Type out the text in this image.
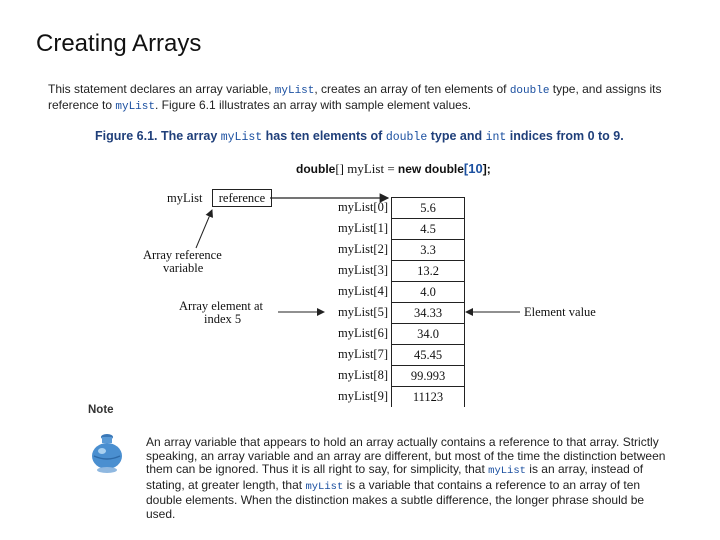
Creating Arrays
This statement declares an array variable, myList, creates an array of ten elements of double type, and assigns its reference to myList. Figure 6.1 illustrates an array with sample element values.
Figure 6.1. The array myList has ten elements of double type and int indices from 0 to 9.
double[] myList = new double[10];
myList	reference
Array reference
variable
Array element at
index 5	Element value
myList[0]
myList[1]
myList[2]
myList[3]
myList[4]
myList[5]
myList[6]
myList[7]
myList[8]
myList[9]
5.6
4.5
3.3
13.2
4.0
34.33
34.0
45.45
99.993
11123
Note
An array variable that appears to hold an array actually contains a reference to that array. Strictly speaking, an array variable and an array are different, but most of the time the distinction between them can be ignored. Thus it is all right to say, for simplicity, that myList is an array, instead of stating, at greater length, that myList is a variable that contains a reference to an array of ten double elements. When the distinction makes a subtle difference, the longer phrase should be used.
